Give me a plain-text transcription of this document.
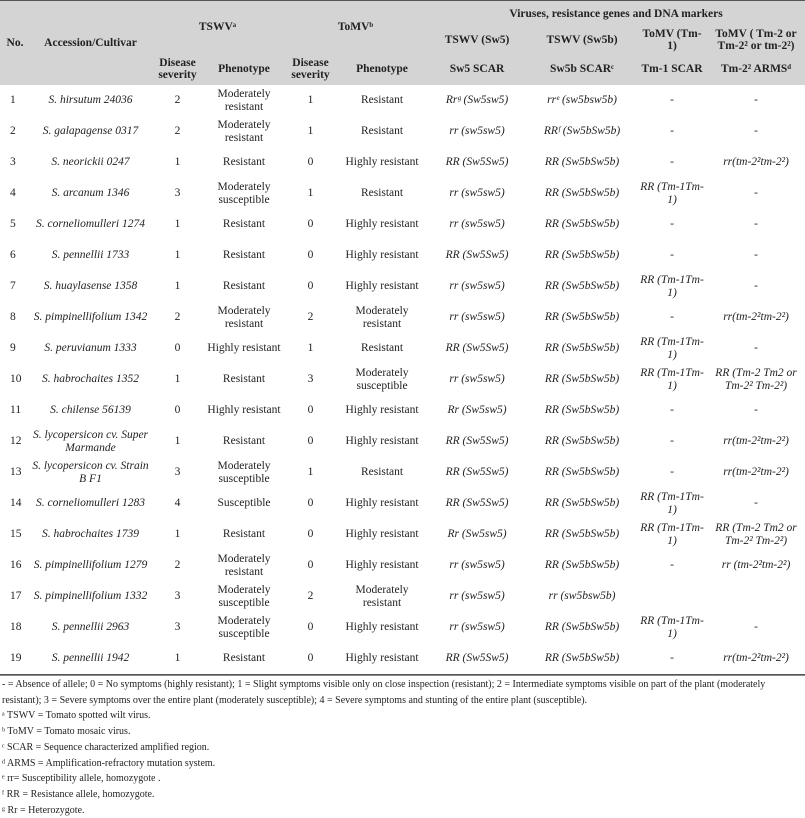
No.	Accession/Cultivar	TSWVᵃ		ToMVᵇ		Viruses, resistance genes and DNA markers			
						TSWV (Sw5)	TSWV (Sw5b)	ToMV (Tm-1)	ToMV ( Tm-2 or Tm-2² or tm-2²)
		Disease severity	Phenotype	Disease severity	Phenotype	Sw5 SCAR	Sw5b SCARᶜ	Tm-1 SCAR	Tm-2² ARMSᵈ
1	S. hirsutum 24036	2	Moderately resistant	1	Resistant	Rrᵍ (Sw5sw5)	rrᵉ (sw5bsw5b)	-	-
2	S. galapagense 0317	2	Moderately resistant	1	Resistant	rr (sw5sw5)	RRᶠ (Sw5bSw5b)	-	-
3	S. neorickii 0247	1	Resistant	0	Highly resistant	RR (Sw5Sw5)	RR (Sw5bSw5b)	-	rr(tm-2²tm-2²)
4	S. arcanum 1346	3	Moderately susceptible	1	Resistant	rr (sw5sw5)	RR (Sw5bSw5b)	RR (Tm-1Tm-1)	-
5	S. corneliomulleri 1274	1	Resistant	0	Highly resistant	rr (sw5sw5)	RR (Sw5bSw5b)	-	-
6	S. pennellii 1733	1	Resistant	0	Highly resistant	RR (Sw5Sw5)	RR (Sw5bSw5b)	-	-
7	S. huaylasense 1358	1	Resistant	0	Highly resistant	rr (sw5sw5)	RR (Sw5bSw5b)	RR (Tm-1Tm-1)	-
8	S. pimpinellifolium 1342	2	Moderately resistant	2	Moderately resistant	rr (sw5sw5)	RR (Sw5bSw5b)	-	rr(tm-2²tm-2²)
9	S. peruvianum 1333	0	Highly resistant	1	Resistant	RR (Sw5Sw5)	RR (Sw5bSw5b)	RR (Tm-1Tm-1)	-
10	S. habrochaites 1352	1	Resistant	3	Moderately susceptible	rr (sw5sw5)	RR (Sw5bSw5b)	RR (Tm-1Tm-1)	RR (Tm-2 Tm2 or Tm-2² Tm-2²)
11	S. chilense 56139	0	Highly resistant	0	Highly resistant	Rr (Sw5sw5)	RR (Sw5bSw5b)	-	-
12	S. lycopersicon cv. Super Marmande	1	Resistant	0	Highly resistant	RR (Sw5Sw5)	RR (Sw5bSw5b)	-	rr(tm-2²tm-2²)
13	S. lycopersicon cv. Strain B F1	3	Moderately susceptible	1	Resistant	RR (Sw5Sw5)	RR (Sw5bSw5b)	-	rr(tm-2²tm-2²)
14	S. corneliomulleri 1283	4	Susceptible	0	Highly resistant	RR (Sw5Sw5)	RR (Sw5bSw5b)	RR (Tm-1Tm-1)	-
15	S. habrochaites 1739	1	Resistant	0	Highly resistant	Rr (Sw5sw5)	RR (Sw5bSw5b)	RR (Tm-1Tm-1)	RR (Tm-2 Tm2 or Tm-2² Tm-2²)
16	S. pimpinellifolium 1279	2	Moderately resistant	0	Highly resistant	rr (sw5sw5)	RR (Sw5bSw5b)	-	rr (tm-2²tm-2²)
17	S. pimpinellifolium 1332	3	Moderately susceptible	2	Moderately resistant	rr (sw5sw5)	rr (sw5bsw5b)		
18	S. pennellii 2963	3	Moderately susceptible	0	Highly resistant	rr (sw5sw5)	RR (Sw5bSw5b)	RR (Tm-1Tm-1)	-
19	S. pennellii 1942	1	Resistant	0	Highly resistant	RR (Sw5Sw5)	RR (Sw5bSw5b)	-	rr(tm-2²tm-2²)
- = Absence of allele; 0 = No symptoms (highly resistant); 1 = Slight symptoms visible only on close inspection (resistant); 2 = Intermediate symptoms visible on part of the plant (moderately resistant); 3 = Severe symptoms over the entire plant (moderately susceptible); 4 = Severe symptoms and stunting of the entire plant (susceptible).
ᵃ TSWV = Tomato spotted wilt virus.
ᵇ ToMV = Tomato mosaic virus.
ᶜ SCAR = Sequence characterized amplified region.
ᵈ ARMS = Amplification-refractory mutation system.
ᵉ rr= Susceptibility allele, homozygote .
ᶠ RR = Resistance allele, homozygote.
ᵍ Rr = Heterozygote.
